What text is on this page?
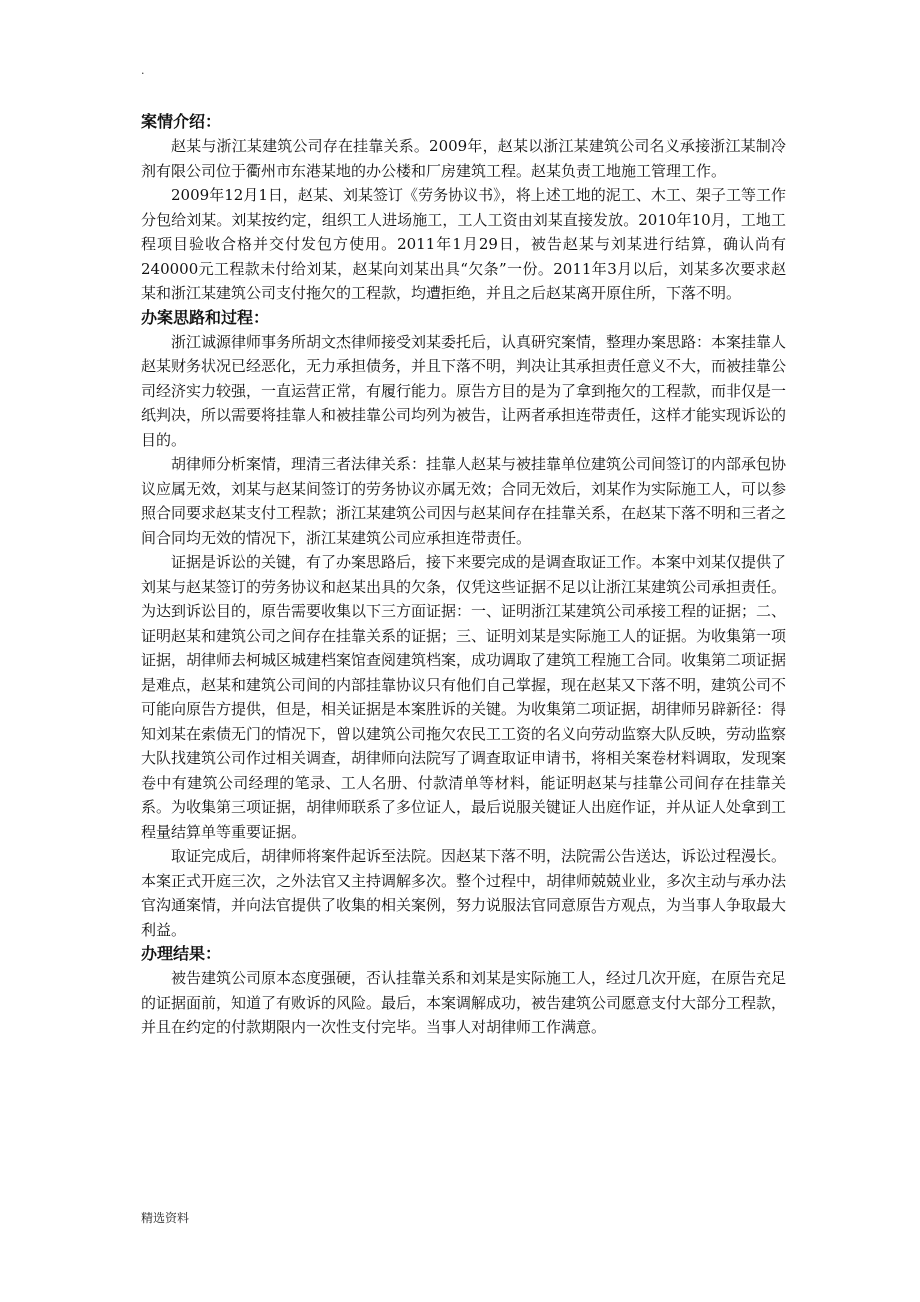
.
案情介绍：

赵某与浙江某建筑公司存在挂靠关系。2009年，赵某以浙江某建筑公司名义承接浙江某制冷剂有限公司位于衢州市东港某地的办公楼和厂房建筑工程。赵某负责工地施工管理工作。

2009年12月1日，赵某、刘某签订《劳务协议书》，将上述工地的泥工、木工、架子工等工作分包给刘某。刘某按约定，组织工人进场施工，工人工资由刘某直接发放。2010年10月，工地工程项目验收合格并交付发包方使用。2011年1月29日，被告赵某与刘某进行结算，确认尚有240000元工程款未付给刘某，赵某向刘某出具“欠条”一份。2011年3月以后，刘某多次要求赵某和浙江某建筑公司支付拖欠的工程款，均遭拒绝，并且之后赵某离开原住所，下落不明。

办案思路和过程：

浙江诚源律师事务所胡文杰律师接受刘某委托后，认真研究案情，整理办案思路：本案挂靠人赵某财务状况已经恶化，无力承担债务，并且下落不明，判决让其承担责任意义不大，而被挂靠公司经济实力较强，一直运营正常，有履行能力。原告方目的是为了拿到拖欠的工程款，而非仅是一纸判决，所以需要将挂靠人和被挂靠公司均列为被告，让两者承担连带责任，这样才能实现诉讼的目的。

胡律师分析案情，理清三者法律关系：挂靠人赵某与被挂靠单位建筑公司间签订的内部承包协议应属无效，刘某与赵某间签订的劳务协议亦属无效；合同无效后，刘某作为实际施工人，可以参照合同要求赵某支付工程款；浙江某建筑公司因与赵某间存在挂靠关系，在赵某下落不明和三者之间合同均无效的情况下，浙江某建筑公司应承担连带责任。

证据是诉讼的关键，有了办案思路后，接下来要完成的是调查取证工作。本案中刘某仅提供了刘某与赵某签订的劳务协议和赵某出具的欠条，仅凭这些证据不足以让浙江某建筑公司承担责任。为达到诉讼目的，原告需要收集以下三方面证据：一、证明浙江某建筑公司承接工程的证据；二、证明赵某和建筑公司之间存在挂靠关系的证据；三、证明刘某是实际施工人的证据。为收集第一项证据，胡律师去柯城区城建档案馆查阅建筑档案，成功调取了建筑工程施工合同。收集第二项证据是难点，赵某和建筑公司间的内部挂靠协议只有他们自己掌握，现在赵某又下落不明，建筑公司不可能向原告方提供，但是，相关证据是本案胜诉的关键。为收集第二项证据，胡律师另辟新径：得知刘某在索债无门的情况下，曾以建筑公司拖欠农民工工资的名义向劳动监察大队反映，劳动监察大队找建筑公司作过相关调查，胡律师向法院写了调查取证申请书，将相关案卷材料调取，发现案卷中有建筑公司经理的笔录、工人名册、付款清单等材料，能证明赵某与挂靠公司间存在挂靠关系。为收集第三项证据，胡律师联系了多位证人，最后说服关键证人出庭作证，并从证人处拿到工程量结算单等重要证据。

取证完成后，胡律师将案件起诉至法院。因赵某下落不明，法院需公告送达，诉讼过程漫长。本案正式开庭三次，之外法官又主持调解多次。整个过程中，胡律师兢兢业业，多次主动与承办法官沟通案情，并向法官提供了收集的相关案例，努力说服法官同意原告方观点，为当事人争取最大利益。

办理结果：

被告建筑公司原本态度强硬，否认挂靠关系和刘某是实际施工人，经过几次开庭，在原告充足的证据面前，知道了有败诉的风险。最后，本案调解成功，被告建筑公司愿意支付大部分工程款，并且在约定的付款期限内一次性支付完毕。当事人对胡律师工作满意。

精选资料
